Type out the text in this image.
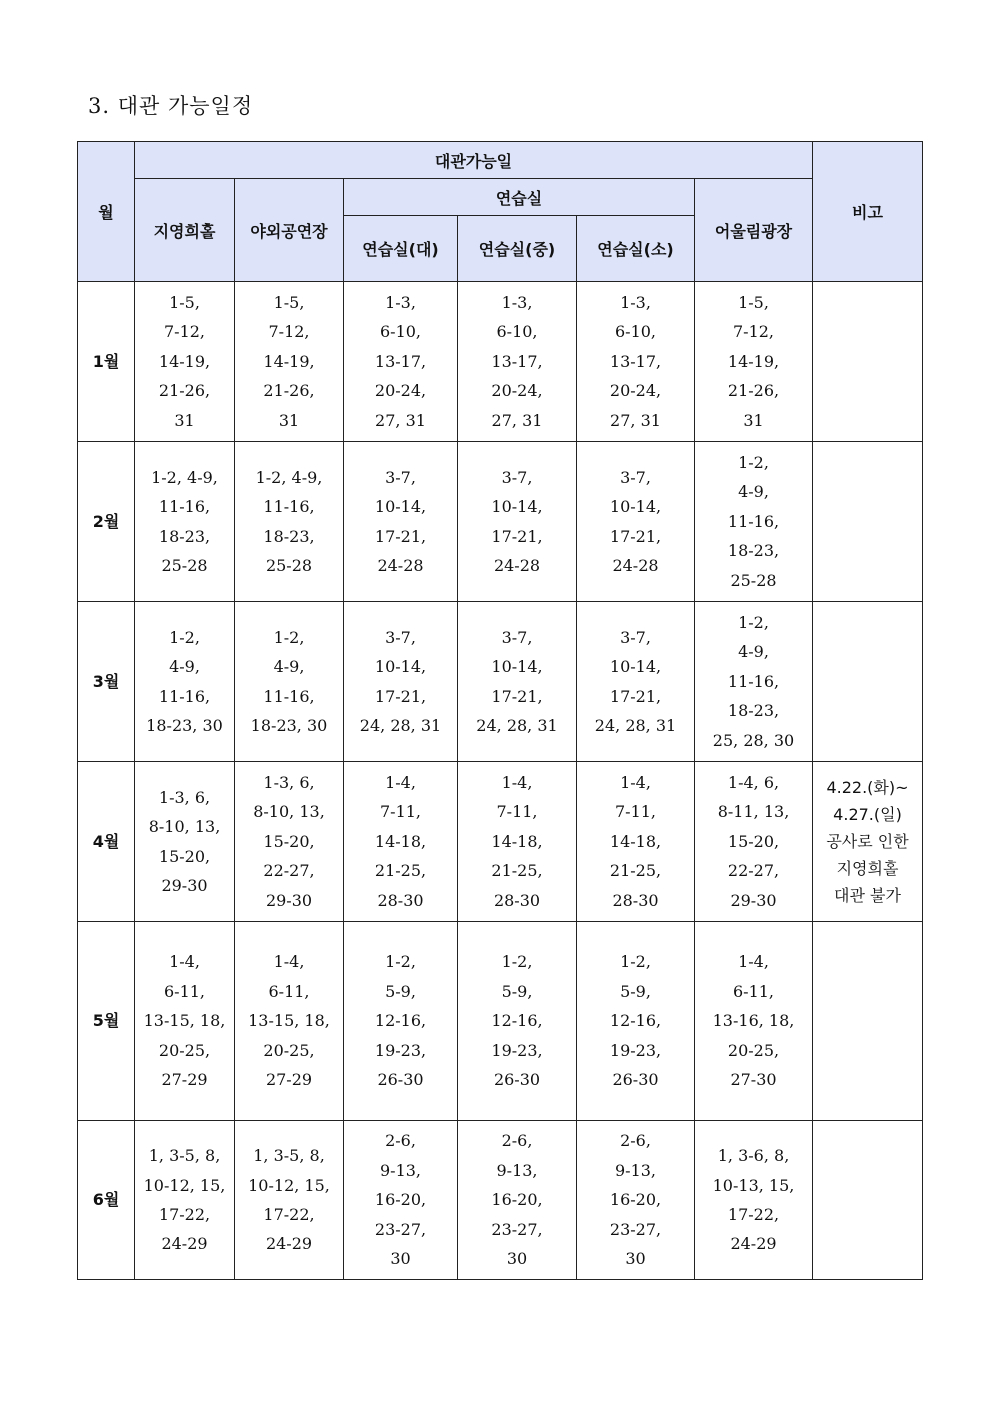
3. 대관 가능일정
월	대관가능일						비고
	지영희홀	야외공연장	연습실			어울림광장	
			연습실(대)	연습실(중)	연습실(소)		
1월	1-5,
7-12,
14-19,
21-26,
31	1-5,
7-12,
14-19,
21-26,
31	1-3,
6-10,
13-17,
20-24,
27, 31	1-3,
6-10,
13-17,
20-24,
27, 31	1-3,
6-10,
13-17,
20-24,
27, 31	1-5,
7-12,
14-19,
21-26,
31	

2월	1-2, 4-9,
11-16,
18-23,
25-28	1-2, 4-9,
11-16,
18-23,
25-28	3-7,
10-14,
17-21,
24-28	3-7,
10-14,
17-21,
24-28	3-7,
10-14,
17-21,
24-28	1-2,
4-9,
11-16,
18-23,
25-28	

3월	1-2,
4-9,
11-16,
18-23, 30	1-2,
4-9,
11-16,
18-23, 30	3-7,
10-14,
17-21,
24, 28, 31	3-7,
10-14,
17-21,
24, 28, 31	3-7,
10-14,
17-21,
24, 28, 31	1-2,
4-9,
11-16,
18-23,
25, 28, 30	

4월	1-3, 6,
8-10, 13,
15-20,
29-30	1-3, 6,
8-10, 13,
15-20,
22-27,
29-30	1-4,
7-11,
14-18,
21-25,
28-30	1-4,
7-11,
14-18,
21-25,
28-30	1-4,
7-11,
14-18,
21-25,
28-30	1-4, 6,
8-11, 13,
15-20,
22-27,
29-30	4.22.(화)~
4.27.(일)
공사로 인한
지영희홀
대관 불가

5월	1-4,
6-11,
13-15, 18,
20-25,
27-29	1-4,
6-11,
13-15, 18,
20-25,
27-29	1-2,
5-9,
12-16,
19-23,
26-30	1-2,
5-9,
12-16,
19-23,
26-30	1-2,
5-9,
12-16,
19-23,
26-30	1-4,
6-11,
13-16, 18,
20-25,
27-30	

6월	1, 3-5, 8,
10-12, 15,
17-22,
24-29	1, 3-5, 8,
10-12, 15,
17-22,
24-29	2-6,
9-13,
16-20,
23-27,
30	2-6,
9-13,
16-20,
23-27,
30	2-6,
9-13,
16-20,
23-27,
30	1, 3-6, 8,
10-13, 15,
17-22,
24-29	
